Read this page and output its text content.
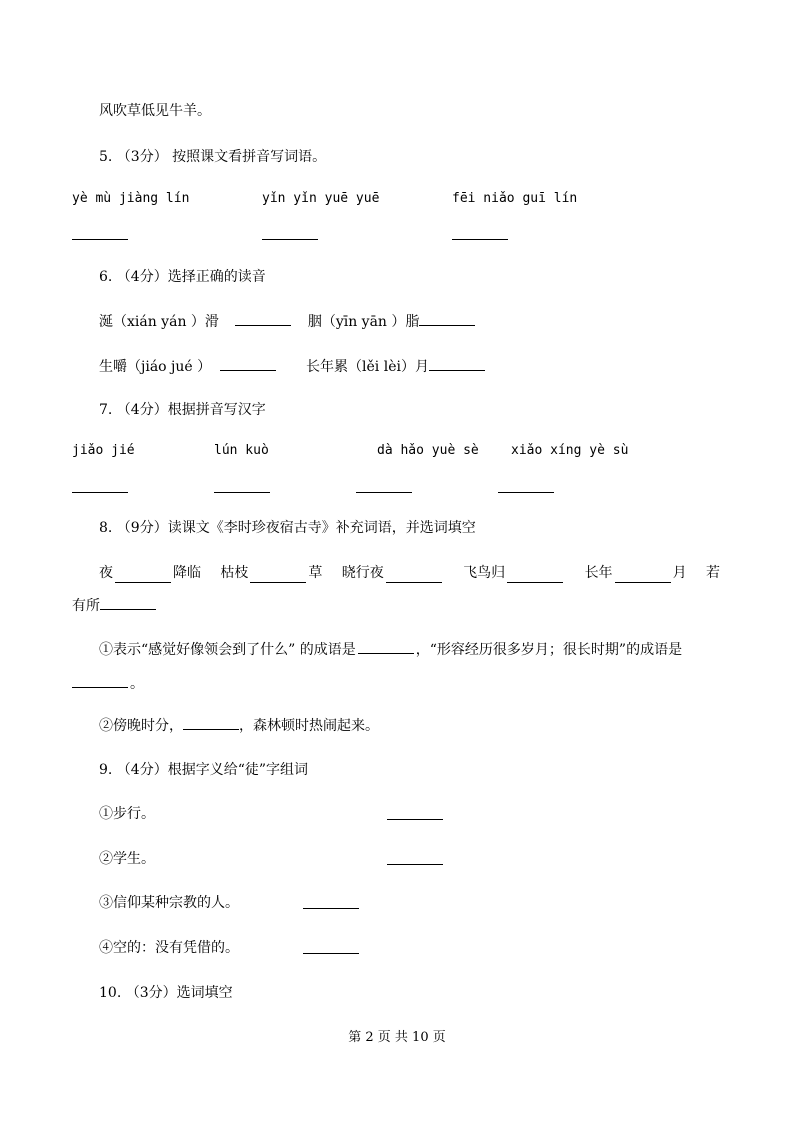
风吹草低见牛羊。
5. （3分） 按照课文看拼音写词语。
yè mù jiàng lín	yǐn yǐn yuē yuē	fēi niǎo guī lín
6. （4分）选择正确的读音
涎（xián yán ）滑	胭（yīn yān ）脂
生嚼（jiáo jué ）	长年累（lěi lèi）月
7. （4分）根据拼音写汉字
jiǎo jié	lún kuò	dà hǎo yuè sè xiǎo xíng yè sù
8. （9分）读课文《李时珍夜宿古寺》补充词语，并选词填空
夜	降临 枯枝	草 晓行夜	飞鸟归	长年	月 若
有所
①表示“感觉好像领会到了什么” 的成语是	，“形容经历很多岁月；很长时期”的成语是
。
②傍晚时分，	，森林顿时热闹起来。
9. （4分）根据字义给“徒”字组词
①步行。
②学生。
③信仰某种宗教的人。
④空的：没有凭借的。
10. （3分）选词填空
第 2 页 共 10 页
